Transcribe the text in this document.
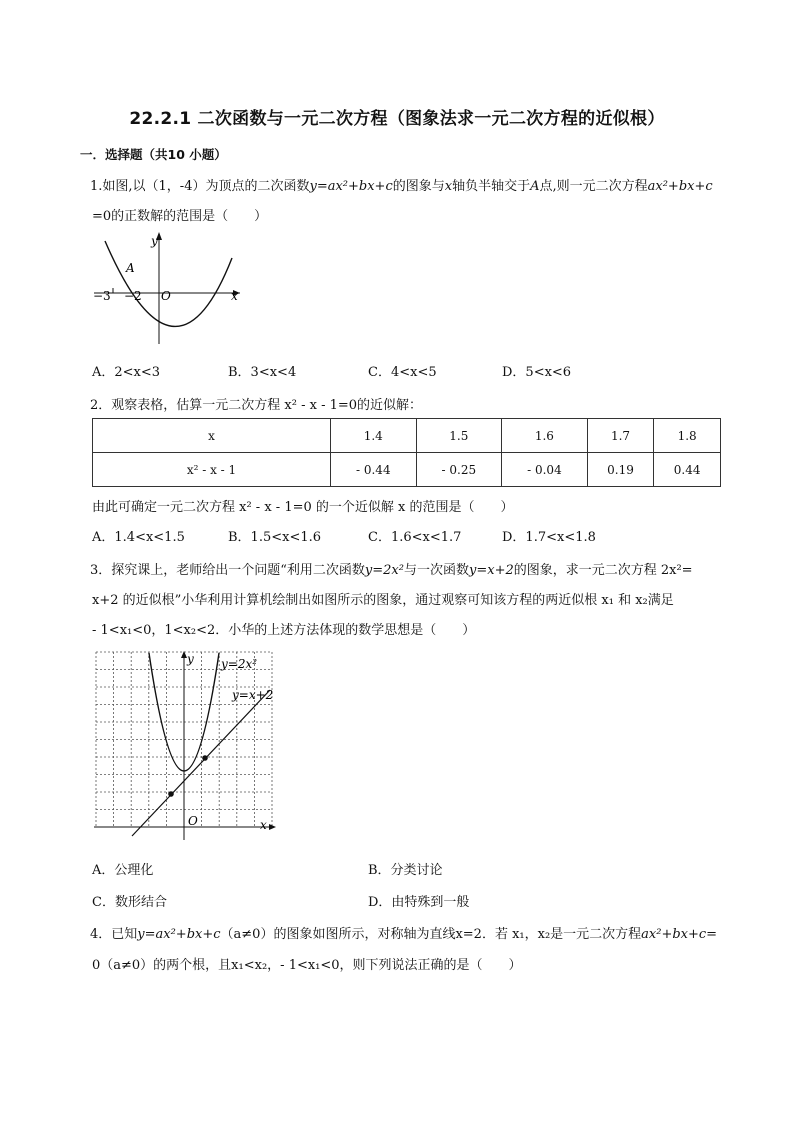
22.2.1 二次函数与一元二次方程（图象法求一元二次方程的近似根）
一．选择题（共10 小题）
1.如图,以（1，-4）为顶点的二次函数y=ax²+bx+c的图象与x轴负半轴交于A点,则一元二次方程ax²+bx+c
=0的正数解的范围是（　　）
y
A
−3 −2 O	x
A．2<x<3	B．3<x<4	C．4<x<5	D．5<x<6
2．观察表格，估算一元二次方程 x² - x - 1=0的近似解：
x	1.4	1.5	1.6	1.7	1.8
x² - x - 1	- 0.44	- 0.25	- 0.04	0.19	0.44
由此可确定一元二次方程 x² - x - 1=0 的一个近似解 x 的范围是（　　）
A．1.4<x<1.5	B．1.5<x<1.6	C．1.6<x<1.7	D．1.7<x<1.8
3．探究课上，老师给出一个问题“利用二次函数y=2x²与一次函数y=x+2的图象，求一元二次方程 2x²=
x+2 的近似根”小华利用计算机绘制出如图所示的图象，通过观察可知该方程的两近似根 x₁ 和 x₂满足
- 1<x₁<0，1<x₂<2．小华的上述方法体现的数学思想是（　　）
y y=2x²
y=x+2
O	x
A．公理化	B．分类讨论
C．数形结合	D．由特殊到一般
4．已知y=ax²+bx+c（a≠0）的图象如图所示，对称轴为直线x=2．若 x₁，x₂是一元二次方程ax²+bx+c=
0（a≠0）的两个根，且x₁<x₂，- 1<x₁<0，则下列说法正确的是（　　）
